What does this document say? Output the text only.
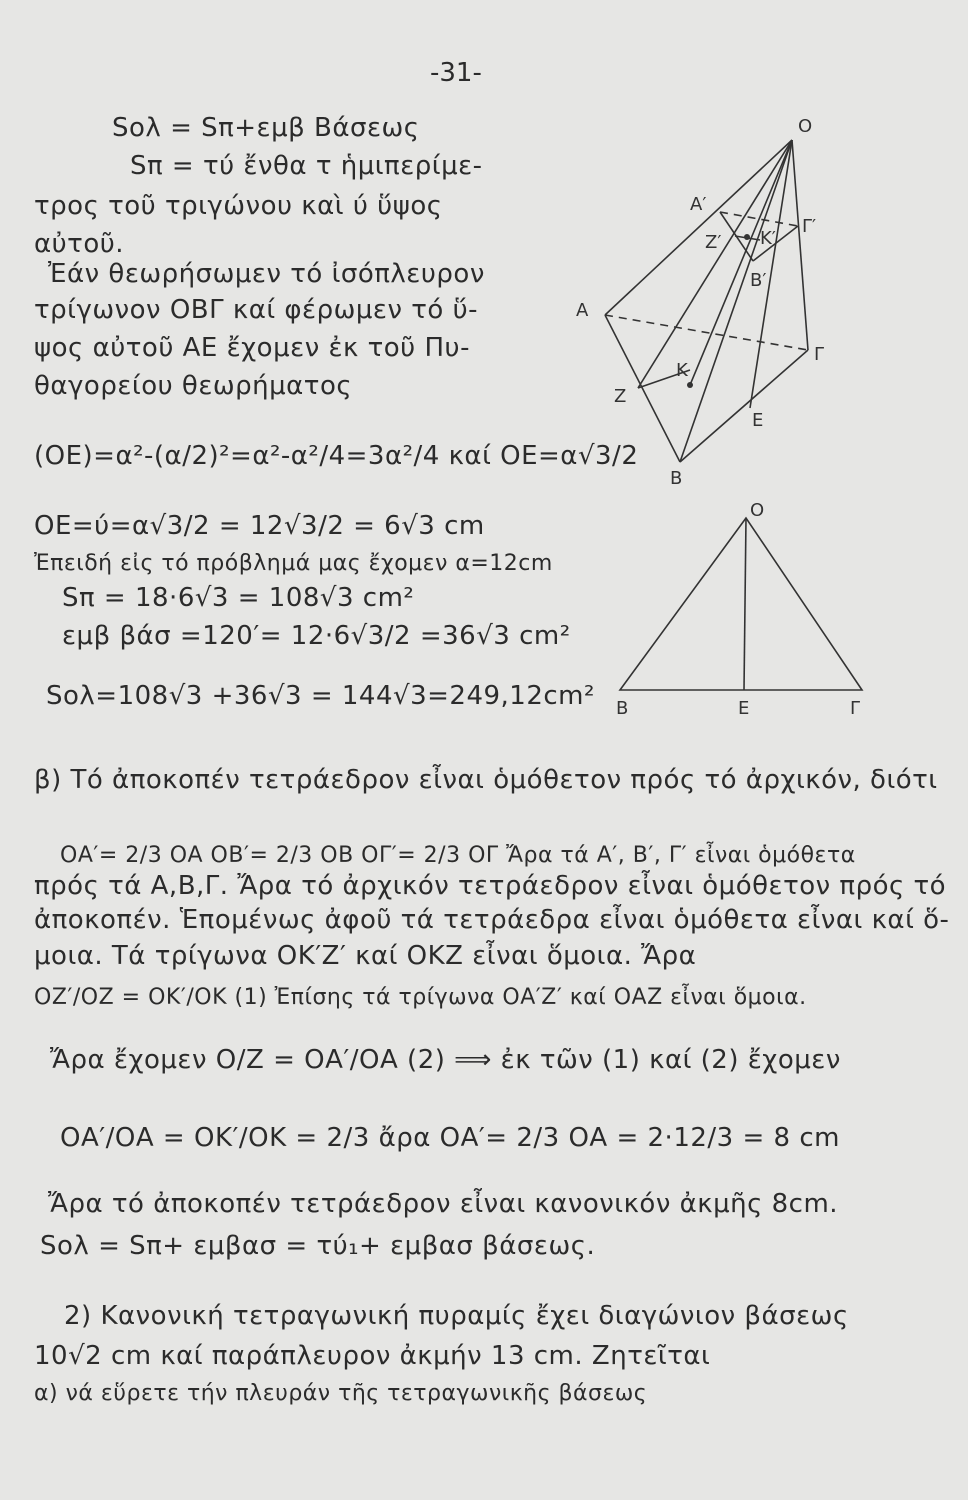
-31-
Sολ = Sπ+εμβ Βάσεως
Sπ = τύ ἔνθα τ ἡμιπερίμε-
τρος τοῦ τριγώνου καὶ ύ ὕψος
αὐτοῦ.
Ἐάν θεωρήσωμεν τό ἰσόπλευρον
τρίγωνον ΟΒΓ καί φέρωμεν τό ὕ-
ψος αὐτοῦ ΑΕ ἔχομεν ἐκ τοῦ Πυ-
θαγορείου θεωρήματος
(ΟΕ)=α²-(α/2)²=α²-α²/4=3α²/4 καί ΟΕ=α√3/2
ΟΕ=ύ=α√3/2 = 12√3/2 = 6√3 cm
Ἐπειδή εἰς τό πρόβλημά μας ἔχομεν α=12cm
Sπ = 18·6√3 = 108√3 cm²
εμβ βάσ =120′= 12·6√3/2 =36√3 cm²
Sολ=108√3 +36√3 = 144√3=249,12cm²
β) Τό ἀποκοπέν τετράεδρον εἶναι ὁμόθετον πρός τό ἀρχικόν, διότι
ΟΑ′= 2/3 ΟΑ ΟΒ′= 2/3 ΟΒ ΟΓ′= 2/3 ΟΓ Ἄρα τά Α′, Β′, Γ′ εἶναι ὁμόθετα
πρός τά Α,Β,Γ. Ἄρα τό ἀρχικόν τετράεδρον εἶναι ὁμόθετον πρός τό
ἀποκοπέν. Ἑπομένως ἀφοῦ τά τετράεδρα εἶναι ὁμόθετα εἶναι καί ὅ-
μοια. Τά τρίγωνα ΟΚ′Ζ′ καί ΟΚΖ εἶναι ὅμοια. Ἄρα
ΟΖ′/ΟΖ = ΟΚ′/ΟΚ (1) Ἐπίσης τά τρίγωνα ΟΑ′Ζ′ καί ΟΑΖ εἶναι ὅμοια.
Ἄρα ἔχομεν Ο/Ζ = ΟΑ′/ΟΑ (2) ⟹ ἐκ τῶν (1) καί (2) ἔχομεν
ΟΑ′/ΟΑ = ΟΚ′/ΟΚ = 2/3 ἄρα ΟΑ′= 2/3 ΟΑ = 2·12/3 = 8 cm
Ἄρα τό ἀποκοπέν τετράεδρον εἶναι κανονικόν ἀκμῆς 8cm.
Sολ = Sπ+ εμβασ = τύ₁+ εμβασ βάσεως.
2) Κανονική τετραγωνική πυραμίς ἔχει διαγώνιον βάσεως
10√2 cm καί παράπλευρον ἀκμήν 13 cm. Ζητεῖται
α) νά εὕρετε τήν πλευράν τῆς τετραγωνικῆς βάσεως
Ο
Α′
Ζ′ Κ′
Γ′
Β′
Α
Γ
Κ
Ζ
Ε
Β
Ο
Β	Ε	Γ
